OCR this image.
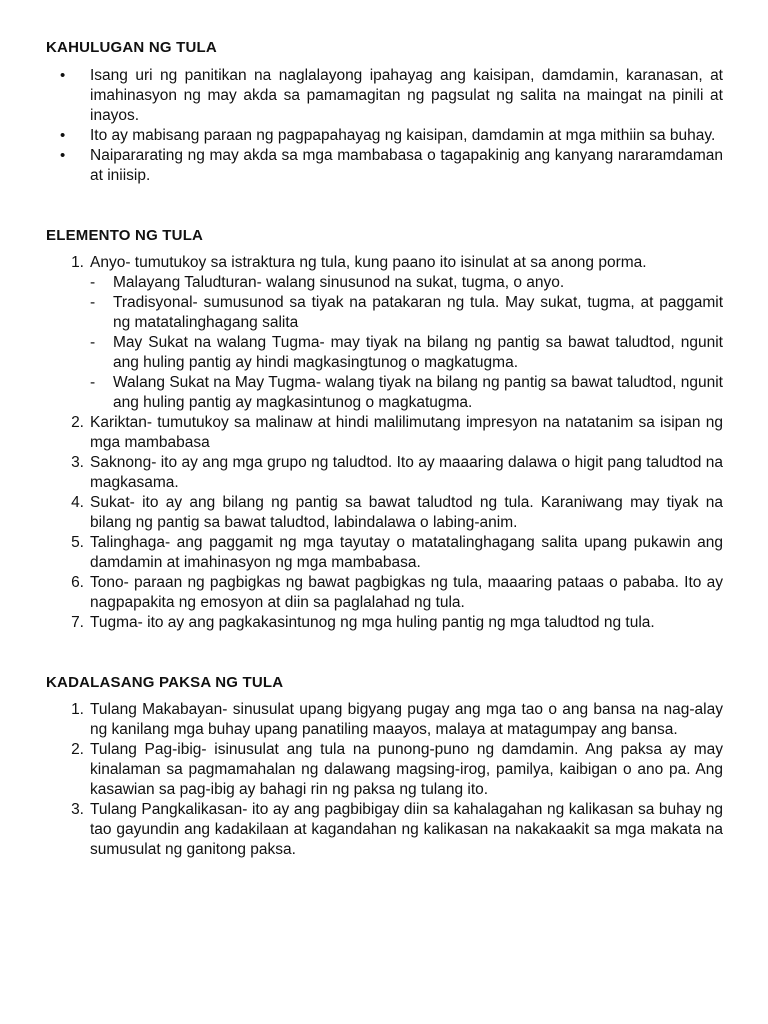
KAHULUGAN NG TULA
•	Isang uri ng panitikan na naglalayong ipahayag ang kaisipan, damdamin, karanasan, at imahinasyon ng may akda sa pamamagitan ng pagsulat ng salita na maingat na pinili at inayos.
•	Ito ay mabisang paraan ng pagpapahayag ng kaisipan, damdamin at mga mithiin sa buhay.
•	Naipararating ng may akda sa mga mambabasa o tagapakinig ang kanyang nararamdaman at iniisip.
ELEMENTO NG TULA
1. Anyo- tumutukoy sa istraktura ng tula, kung paano ito isinulat at sa anong porma.
-	Malayang Taludturan- walang sinusunod na sukat, tugma, o anyo.
-	Tradisyonal- sumusunod sa tiyak na patakaran ng tula. May sukat, tugma, at paggamit ng matatalinghagang salita
-	May Sukat na walang Tugma- may tiyak na bilang ng pantig sa bawat taludtod, ngunit ang huling pantig ay hindi magkasingtunog o magkatugma.
-	Walang Sukat na May Tugma- walang tiyak na bilang ng pantig sa bawat taludtod, ngunit ang huling pantig ay magkasintunog o magkatugma.
2. Kariktan- tumutukoy sa malinaw at hindi malilimutang impresyon na natatanim sa isipan ng mga mambabasa
3. Saknong- ito ay ang mga grupo ng taludtod. Ito ay maaaring dalawa o higit pang taludtod na magkasama.
4. Sukat- ito ay ang bilang ng pantig sa bawat taludtod ng tula. Karaniwang may tiyak na bilang ng pantig sa bawat taludtod, labindalawa o labing-anim.
5. Talinghaga- ang paggamit ng mga tayutay o matatalinghagang salita upang pukawin ang damdamin at imahinasyon ng mga mambabasa.
6. Tono- paraan ng pagbigkas ng bawat pagbigkas ng tula, maaaring pataas o pababa. Ito ay nagpapakita ng emosyon at diin sa paglalahad ng tula.
7. Tugma- ito ay ang pagkakasintunog ng mga huling pantig ng mga taludtod ng tula.
KADALASANG PAKSA NG TULA
1. Tulang Makabayan- sinusulat upang bigyang pugay ang mga tao o ang bansa na nag-alay ng kanilang mga buhay upang panatiling maayos, malaya at matagumpay ang bansa.
2. Tulang Pag-ibig- isinusulat ang tula na punong-puno ng damdamin. Ang paksa ay may kinalaman sa pagmamahalan ng dalawang magsing-irog, pamilya, kaibigan o ano pa. Ang kasawian sa pag-ibig ay bahagi rin ng paksa ng tulang ito.
3. Tulang Pangkalikasan- ito ay ang pagbibigay diin sa kahalagahan ng kalikasan sa buhay ng tao gayundin ang kadakilaan at kagandahan ng kalikasan na nakakaakit sa mga makata na sumusulat ng ganitong paksa.
